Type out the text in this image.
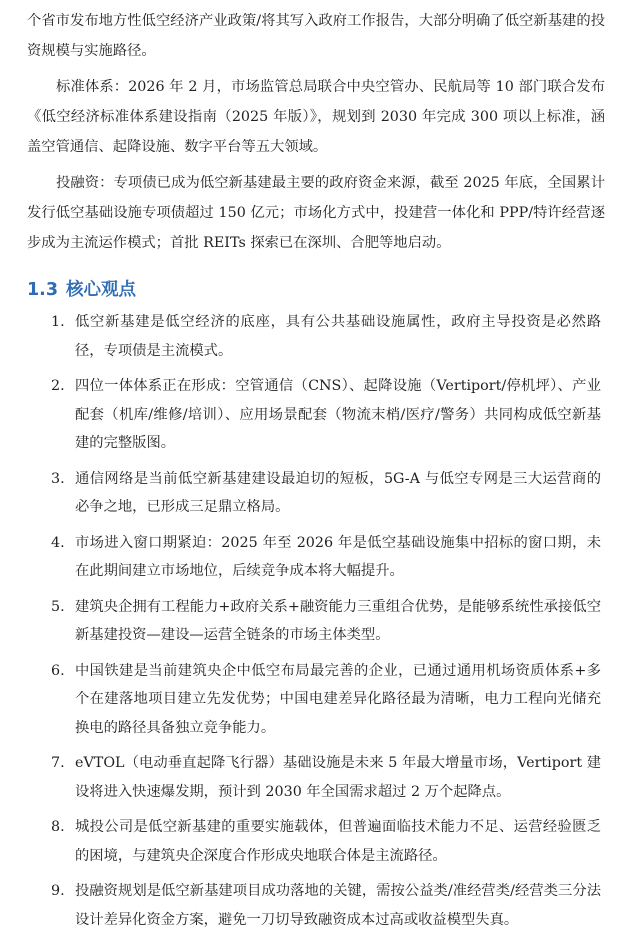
个省市发布地方性低空经济产业政策/将其写入政府工作报告，大部分明确了低空新基建的投资规模与实施路径。

标准体系：2026 年 2 月，市场监管总局联合中央空管办、民航局等 10 部门联合发布《低空经济标准体系建设指南（2025 年版）》，规划到 2030 年完成 300 项以上标准，涵盖空管通信、起降设施、数字平台等五大领域。

投融资：专项债已成为低空新基建最主要的政府资金来源，截至 2025 年底，全国累计发行低空基础设施专项债超过 150 亿元；市场化方式中，投建营一体化和 PPP/特许经营逐步成为主流运作模式；首批 REITs 探索已在深圳、合肥等地启动。

1.3 核心观点
1. 低空新基建是低空经济的底座，具有公共基础设施属性，政府主导投资是必然路径，专项债是主流模式。
2. 四位一体体系正在形成：空管通信（CNS）、起降设施（Vertiport/停机坪）、产业配套（机库/维修/培训）、应用场景配套（物流末梢/医疗/警务）共同构成低空新基建的完整版图。
3. 通信网络是当前低空新基建建设最迫切的短板，5G-A 与低空专网是三大运营商的必争之地，已形成三足鼎立格局。
4. 市场进入窗口期紧迫：2025 年至 2026 年是低空基础设施集中招标的窗口期，未在此期间建立市场地位，后续竞争成本将大幅提升。
5. 建筑央企拥有工程能力+政府关系+融资能力三重组合优势，是能够系统性承接低空新基建投资—建设—运营全链条的市场主体类型。
6. 中国铁建是当前建筑央企中低空布局最完善的企业，已通过通用机场资质体系+多个在建落地项目建立先发优势；中国电建差异化路径最为清晰，电力工程向光储充换电的路径具备独立竞争能力。
7. eVTOL（电动垂直起降飞行器）基础设施是未来 5 年最大增量市场，Vertiport 建设将进入快速爆发期，预计到 2030 年全国需求超过 2 万个起降点。
8. 城投公司是低空新基建的重要实施载体，但普遍面临技术能力不足、运营经验匮乏的困境，与建筑央企深度合作形成央地联合体是主流路径。
9. 投融资规划是低空新基建项目成功落地的关键，需按公益类/准经营类/经营类三分法设计差异化资金方案，避免一刀切导致融资成本过高或收益模型失真。
